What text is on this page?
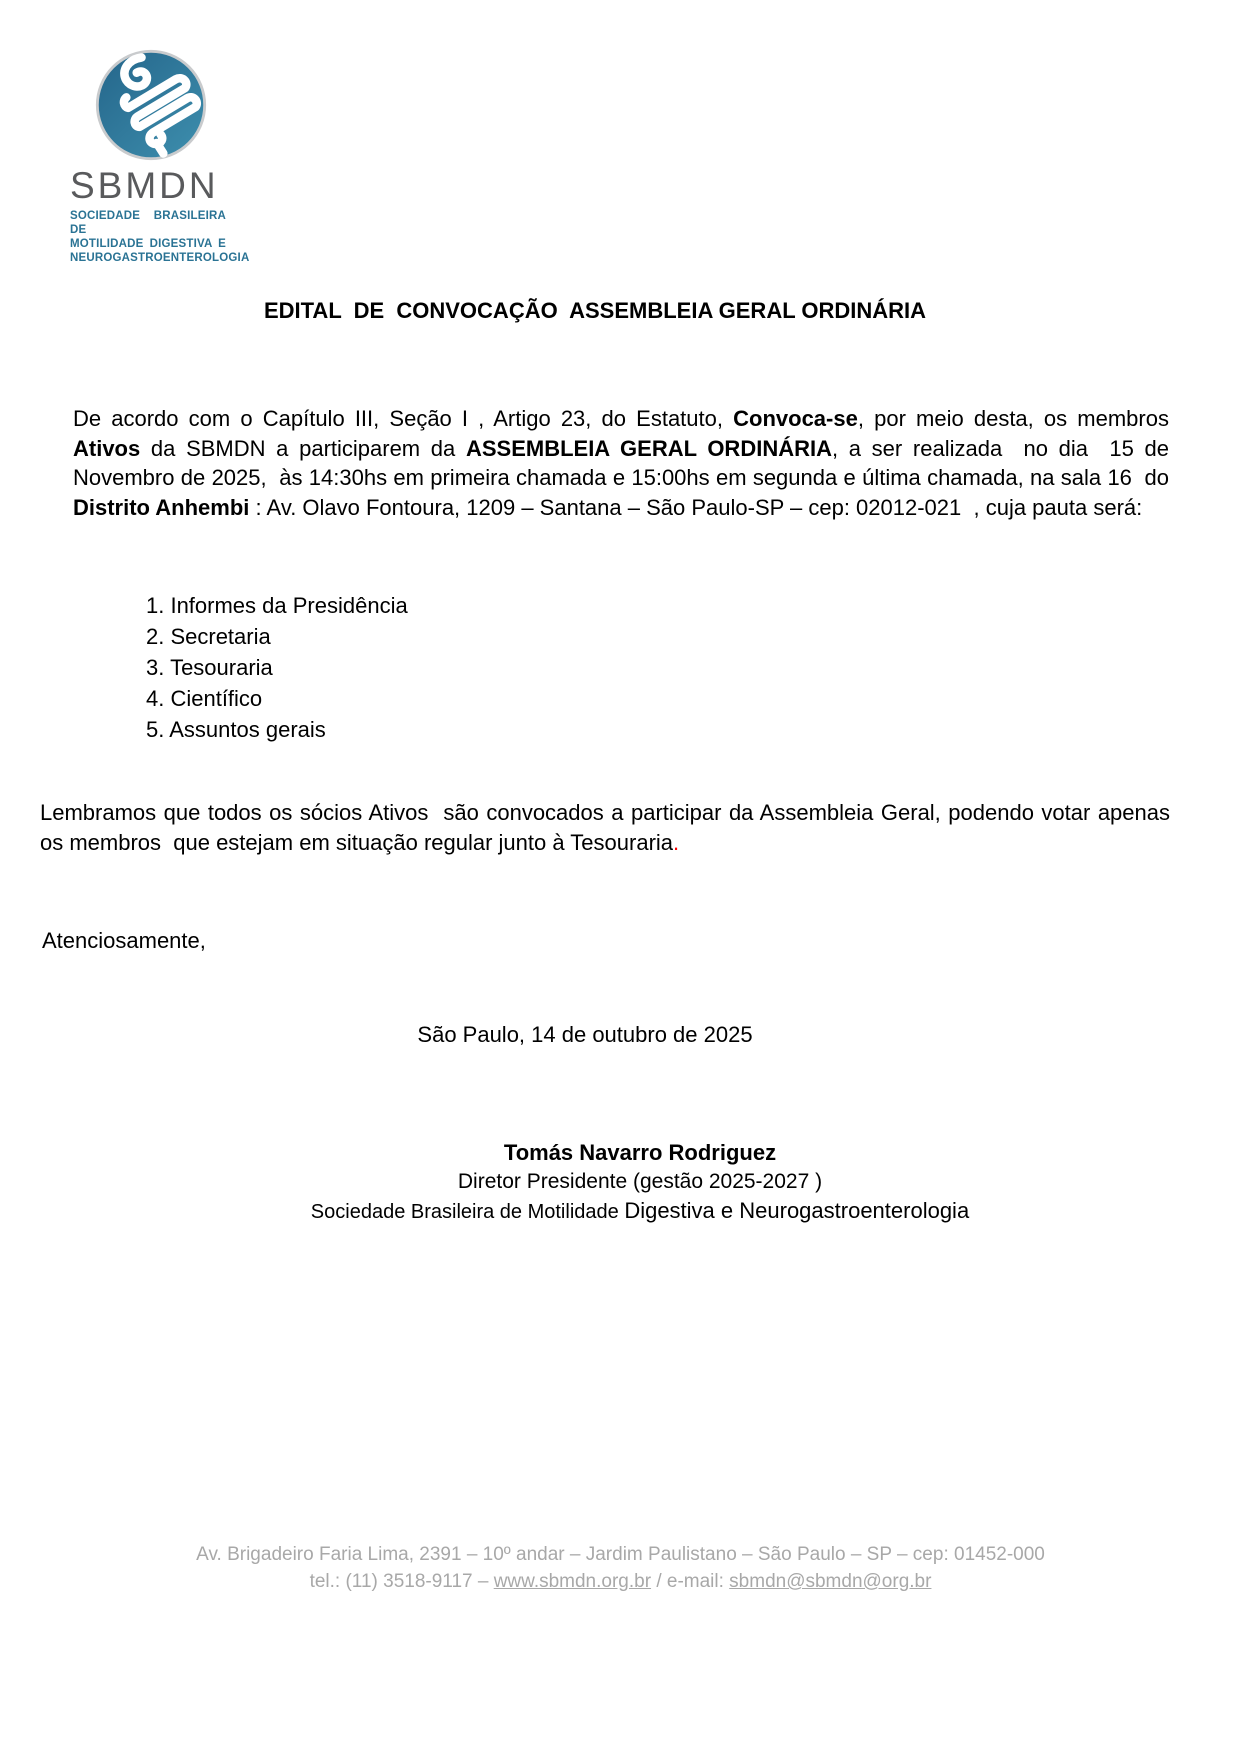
SBMDN
SOCIEDADE BRASILEIRA DE
MOTILIDADE DIGESTIVA E
NEUROGASTROENTEROLOGIA
EDITAL  DE  CONVOCAÇÃO  ASSEMBLEIA GERAL ORDINÁRIA
De acordo com o Capítulo III, Seção I , Artigo 23, do Estatuto, Convoca-se, por meio desta, os membros Ativos da SBMDN a participarem da ASSEMBLEIA GERAL ORDINÁRIA, a ser realizada  no dia  15 de Novembro de 2025,  às 14:30hs em primeira chamada e 15:00hs em segunda e última chamada, na sala 16  do Distrito Anhembi : Av. Olavo Fontoura, 1209 – Santana – São Paulo-SP – cep: 02012-021  , cuja pauta será:
1. Informes da Presidência
2. Secretaria
3. Tesouraria
4. Científico
5. Assuntos gerais
Lembramos que todos os sócios Ativos  são convocados a participar da Assembleia Geral, podendo votar apenas os membros  que estejam em situação regular junto à Tesouraria.
Atenciosamente,
São Paulo, 14 de outubro de 2025
Tomás Navarro Rodriguez
Diretor Presidente (gestão 2025-2027 )
Sociedade Brasileira de Motilidade Digestiva e Neurogastroenterologia
Av. Brigadeiro Faria Lima, 2391 – 10º andar – Jardim Paulistano – São Paulo – SP – cep: 01452-000
tel.: (11) 3518-9117 – www.sbmdn.org.br / e-mail: sbmdn@sbmdn@org.br
